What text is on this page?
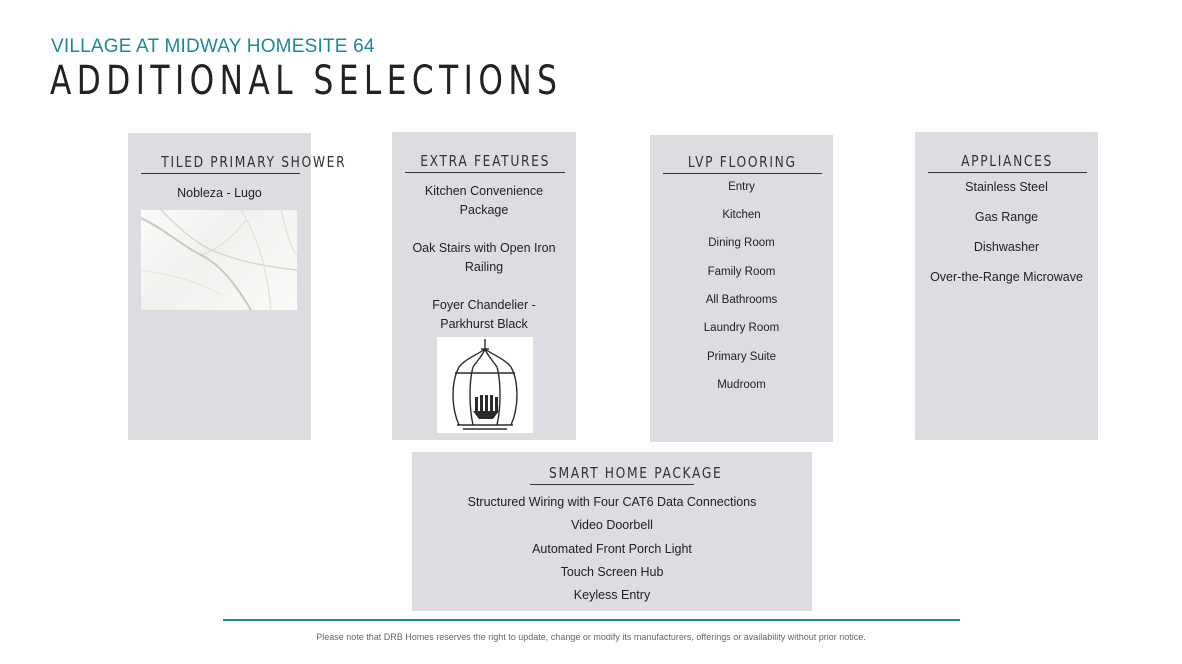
VILLAGE AT MIDWAY HOMESITE 64
ADDITIONAL SELECTIONS
TILED PRIMARY SHOWER
Nobleza - Lugo
EXTRA FEATURES
Kitchen Convenience Package
Oak Stairs with Open Iron Railing
Foyer Chandelier - Parkhurst Black
LVP FLOORING
Entry
Kitchen
Dining Room
Family Room
All Bathrooms
Laundry Room
Primary Suite
Mudroom
APPLIANCES
Stainless Steel
Gas Range
Dishwasher
Over-the-Range Microwave
SMART HOME PACKAGE
Structured Wiring with Four CAT6 Data Connections
Video Doorbell
Automated Front Porch Light
Touch Screen Hub
Keyless Entry
Please note that DRB Homes reserves the right to update, change or modify its manufacturers, offerings or availability without prior notice.
